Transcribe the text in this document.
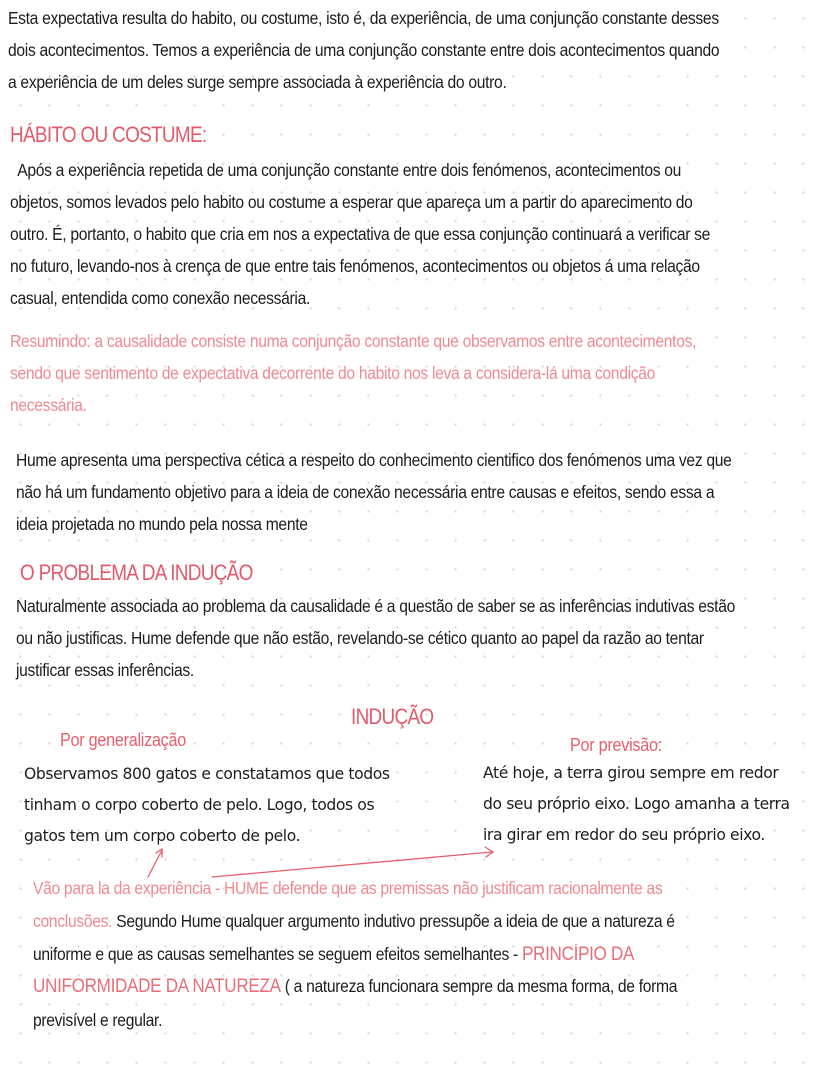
Esta expectativa resulta do habito, ou costume, isto é, da experiência, de uma conjunção constante desses
dois acontecimentos. Temos a experiência de uma conjunção constante entre dois acontecimentos quando
a experiência de um deles surge sempre associada à experiência do outro.
HÁBITO OU COSTUME:
Após a experiência repetida de uma conjunção constante entre dois fenómenos, acontecimentos ou
objetos, somos levados pelo habito ou costume a esperar que apareça um a partir do aparecimento do
outro. É, portanto, o habito que cria em nos a expectativa de que essa conjunção continuará a verificar se
no futuro, levando-nos à crença de que entre tais fenómenos, acontecimentos ou objetos á uma relação
casual, entendida como conexão necessária.
Resumindo: a causalidade consiste numa conjunção constante que observamos entre acontecimentos,
sendo que sentimento de expectativa decorrente do habito nos leva a considera-lá uma condição
necessária.
Hume apresenta uma perspectiva cética a respeito do conhecimento cientifico dos fenómenos uma vez que
não há um fundamento objetivo para a ideia de conexão necessária entre causas e efeitos, sendo essa a
ideia projetada no mundo pela nossa mente
O PROBLEMA DA INDUÇÃO
Naturalmente associada ao problema da causalidade é a questão de saber se as inferências indutivas estão
ou não justificas. Hume defende que não estão, revelando-se cético quanto ao papel da razão ao tentar
justificar essas inferências.
INDUÇÃO
Por generalização
Observamos 800 gatos e constatamos que todos
tinham o corpo coberto de pelo. Logo, todos os
gatos tem um corpo coberto de pelo.
Por previsão:
Até hoje, a terra girou sempre em redor
do seu próprio eixo. Logo amanha a terra
ira girar em redor do seu próprio eixo.
Vão para la da experiência - HUME defende que as premissas não justificam racionalmente as
conclusões. Segundo Hume qualquer argumento indutivo pressupõe a ideia de que a natureza é
uniforme e que as causas semelhantes se seguem efeitos semelhantes - PRINCÍPIO DA
UNIFORMIDADE DA NATUREZA ( a natureza funcionara sempre da mesma forma, de forma
previsível e regular.
